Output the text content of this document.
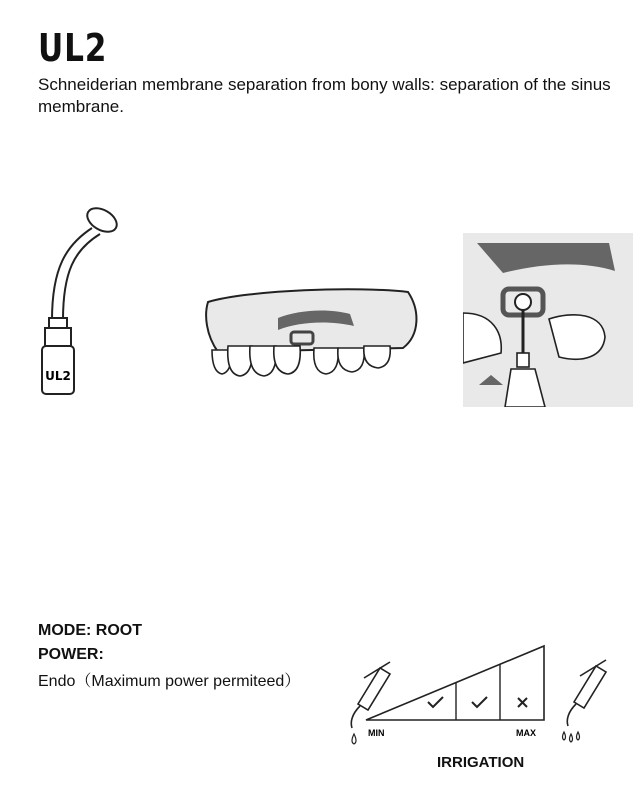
UL2
Schneiderian membrane separation from bony walls: separation of the sinus membrane.
UL2
MODE: ROOT
POWER:
Endo（Maximum power permiteed）
MIN	MAX
IRRIGATION
